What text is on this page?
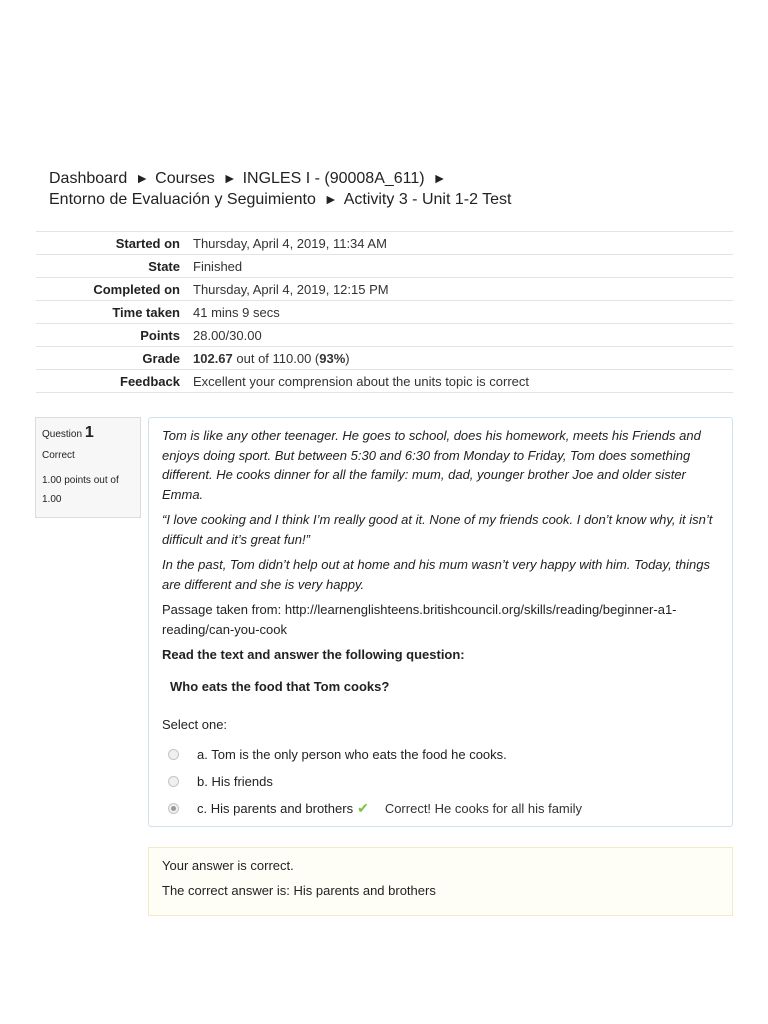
Dashboard ► Courses ► INGLES I - (90008A_611) ►
Entorno de Evaluación y Seguimiento ► Activity 3 - Unit 1-2 Test
Started on	Thursday, April 4, 2019, 11:34 AM
State	Finished
Completed on	Thursday, April 4, 2019, 12:15 PM
Time taken	41 mins 9 secs
Points	28.00/30.00
Grade	102.67 out of 110.00 (93%)
Feedback	Excellent your comprension about the units topic is correct
Question 1
Correct
1.00 points out of 1.00

Tom is like any other teenager. He goes to school, does his homework, meets his Friends and enjoys doing sport. But between 5:30 and 6:30 from Monday to Friday, Tom does something different. He cooks dinner for all the family: mum, dad, younger brother Joe and older sister Emma.

“I love cooking and I think I’m really good at it. None of my friends cook. I don’t know why, it isn’t difficult and it’s great fun!”

In the past, Tom didn’t help out at home and his mum wasn’t very happy with him. Today, things are different and she is very happy.

Passage taken from: http://learnenglishteens.britishcouncil.org/skills/reading/beginner-a1-reading/can-you-cook

Read the text and answer the following question:

Who eats the food that Tom cooks?

Select one:

a. Tom is the only person who eats the food he cooks.
b. His friends
c. His parents and brothers ✔ Correct! He cooks for all his family

Your answer is correct.

The correct answer is: His parents and brothers
